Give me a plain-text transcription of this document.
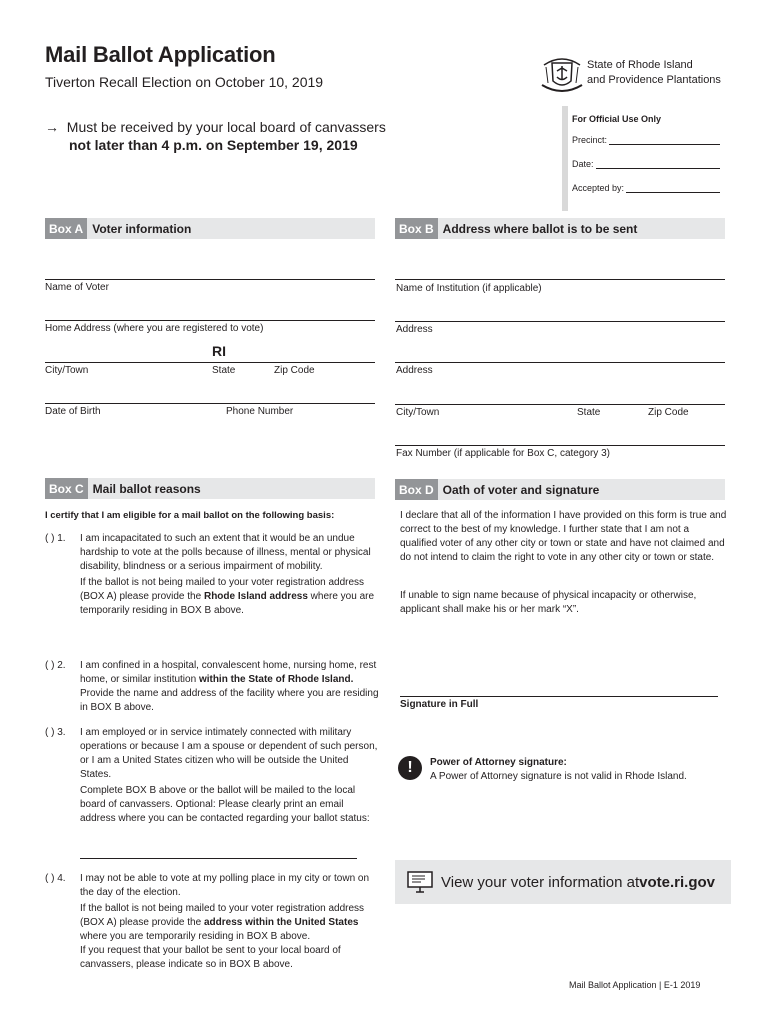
Mail Ballot Application
Tiverton Recall Election on October 10, 2019
State of Rhode Island
and Providence Plantations
→ Must be received by your local board of canvassers
not later than 4 p.m. on September 19, 2019
For Official Use Only
Precinct:
Date:
Accepted by:
Box A Voter information
Name of Voter
Home Address (where you are registered to vote)
RI
City/Town	State	Zip Code
Date of Birth	Phone Number
Box B Address where ballot is to be sent
Name of Institution (if applicable)
Address
Address
City/Town	State	Zip Code
Fax Number (if applicable for Box C, category 3)
Box C Mail ballot reasons
I certify that I am eligible for a mail ballot on the following basis:
( ) 1.	I am incapacitated to such an extent that it would be an undue hardship to vote at the polls because of illness, mental or physical disability, blindness or a serious impairment of mobility.
If the ballot is not being mailed to your voter registration address (BOX A) please provide the Rhode Island address where you are temporarily residing in BOX B above.
( ) 2.	I am confined in a hospital, convalescent home, nursing home, rest home, or similar institution within the State of Rhode Island. Provide the name and address of the facility where you are residing in BOX B above.
( ) 3.	I am employed or in service intimately connected with military operations or because I am a spouse or dependent of such person, or I am a United States citizen who will be outside the United States.
Complete BOX B above or the ballot will be mailed to the local board of canvassers. Optional: Please clearly print an email address where you can be contacted regarding your ballot status:
( ) 4.	I may not be able to vote at my polling place in my city or town on the day of the election.
If the ballot is not being mailed to your voter registration address (BOX A) please provide the address within the United States where you are temporarily residing in BOX B above.
If you request that your ballot be sent to your local board of canvassers, please indicate so in BOX B above.
Box D Oath of voter and signature
I declare that all of the information I have provided on this form is true and correct to the best of my knowledge. I further state that I am not a qualified voter of any other city or town or state and have not claimed and do not intend to claim the right to vote in any other city or town or state.
If unable to sign name because of physical incapacity or otherwise, applicant shall make his or her mark “X”.
Signature in Full
!	Power of Attorney signature:
A Power of Attorney signature is not valid in Rhode Island.
View your voter information at vote.ri.gov
Mail Ballot Application | E-1 2019
